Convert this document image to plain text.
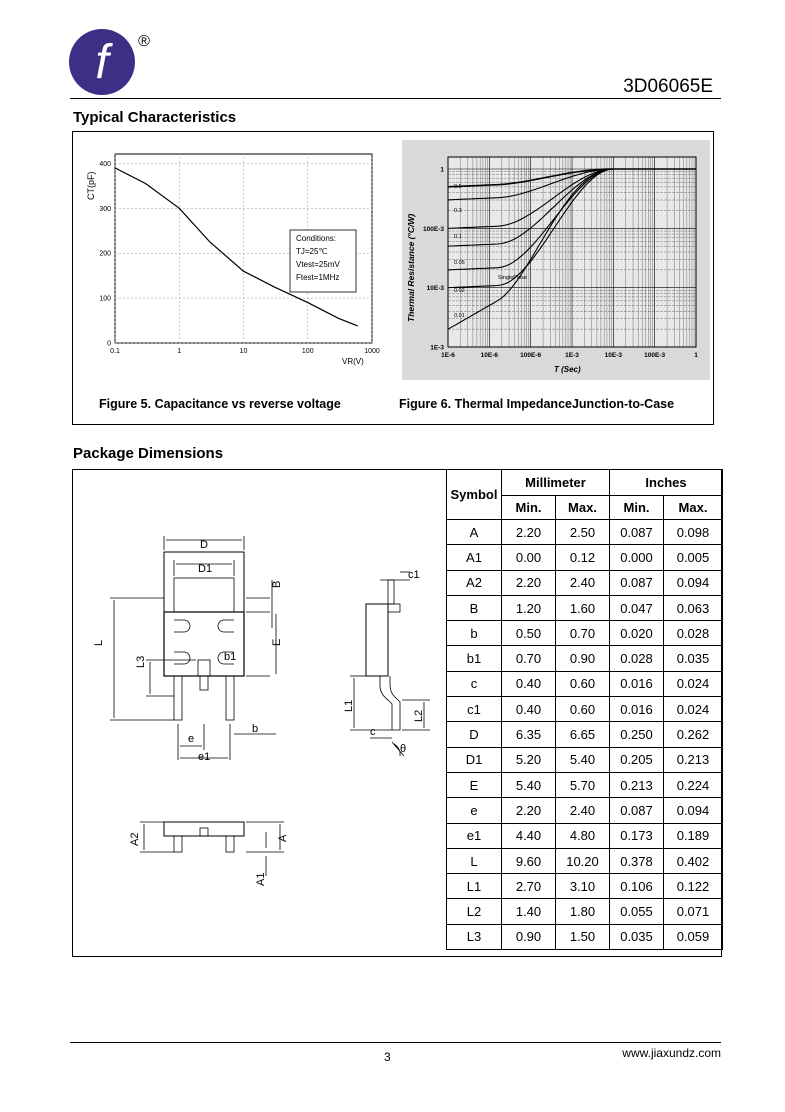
f ®
3D06065E
Typical Characteristics
0
100
200
300
400
0.1	1	10	100	1000
CT(pF)
VR(V)
Conditions:
TJ=25℃
Vtest=25mV
Ftest=1MHz
1
100E-3
10E-3
1E-3
1E-6	10E-6	100E-6	1E-3	10E-3	100E-3	1
0.5
0.3
0.1
0.05
0.02
0.01
SinglePulse
Thermal Resistance (°C/W)
T (Sec)
Figure 5. Capacitance vs reverse voltage	Figure 6. Thermal ImpedanceJunction-to-Case
Package Dimensions
D
D1
B
E
L
L3	b1
b
e
e1
c1
L1
L2
c
θ
A2	A
A1
Symbol	Millimeter		Inches	
	Min.	Max.	Min.	Max.
A	2.20	2.50	0.087	0.098
A1	0.00	0.12	0.000	0.005
A2	2.20	2.40	0.087	0.094
B	1.20	1.60	0.047	0.063
b	0.50	0.70	0.020	0.028
b1	0.70	0.90	0.028	0.035
c	0.40	0.60	0.016	0.024
c1	0.40	0.60	0.016	0.024
D	6.35	6.65	0.250	0.262
D1	5.20	5.40	0.205	0.213
E	5.40	5.70	0.213	0.224
e	2.20	2.40	0.087	0.094
e1	4.40	4.80	0.173	0.189
L	9.60	10.20	0.378	0.402
L1	2.70	3.10	0.106	0.122
L2	1.40	1.80	0.055	0.071
L3	0.90	1.50	0.035	0.059
3	www.jiaxundz.com
